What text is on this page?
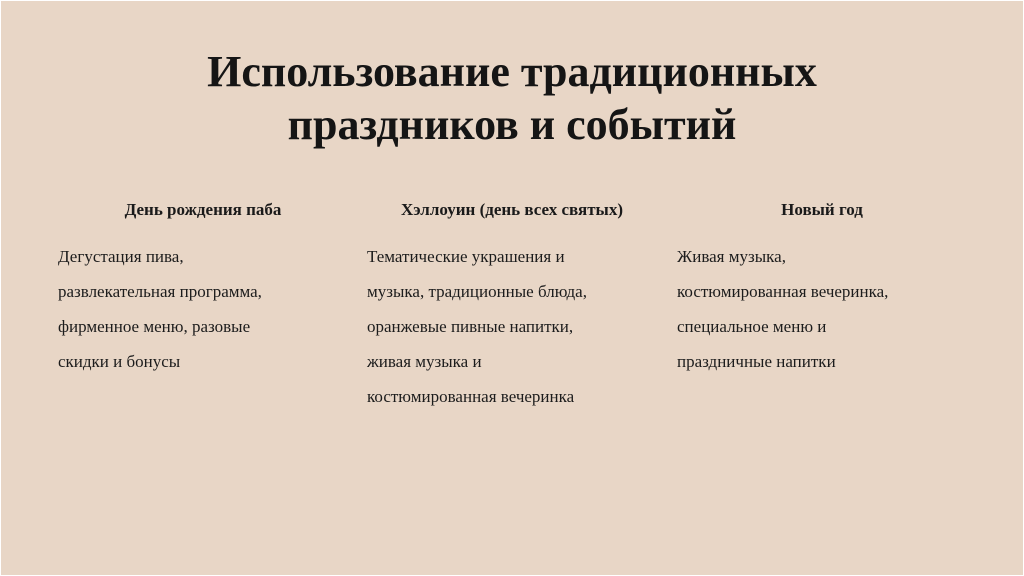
Использование традиционных
праздников и событий
День рождения паба
Дегустация пива,
развлекательная программа,
фирменное меню, разовые
скидки и бонусы
Хэллоуин (день всех святых)
Тематические украшения и
музыка, традиционные блюда,
оранжевые пивные напитки,
живая музыка и
костюмированная вечеринка
Новый год
Живая музыка,
костюмированная вечеринка,
специальное меню и
праздничные напитки
